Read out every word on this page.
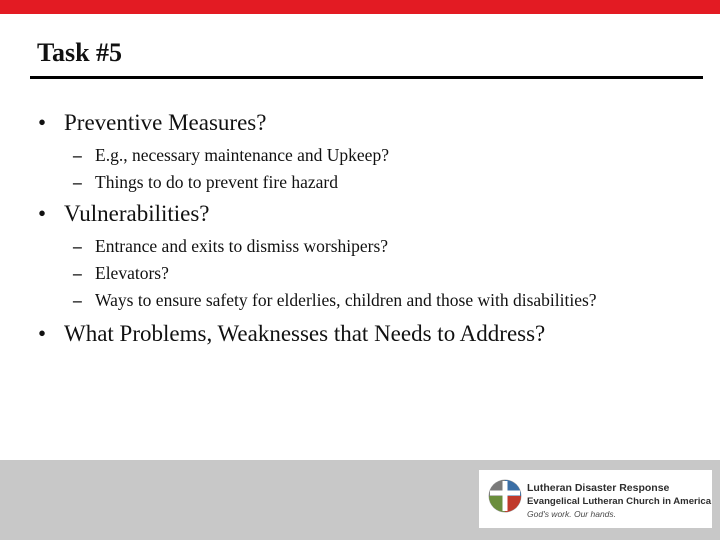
Task #5
• Preventive Measures?
– E.g., necessary maintenance and Upkeep?
– Things to do to prevent fire hazard
• Vulnerabilities?
– Entrance and exits to dismiss worshipers?
– Elevators?
– Ways to ensure safety for elderlies, children and those with disabilities?
• What Problems, Weaknesses that Needs to Address?
Lutheran Disaster Response
Evangelical Lutheran Church in America
God's work. Our hands.
